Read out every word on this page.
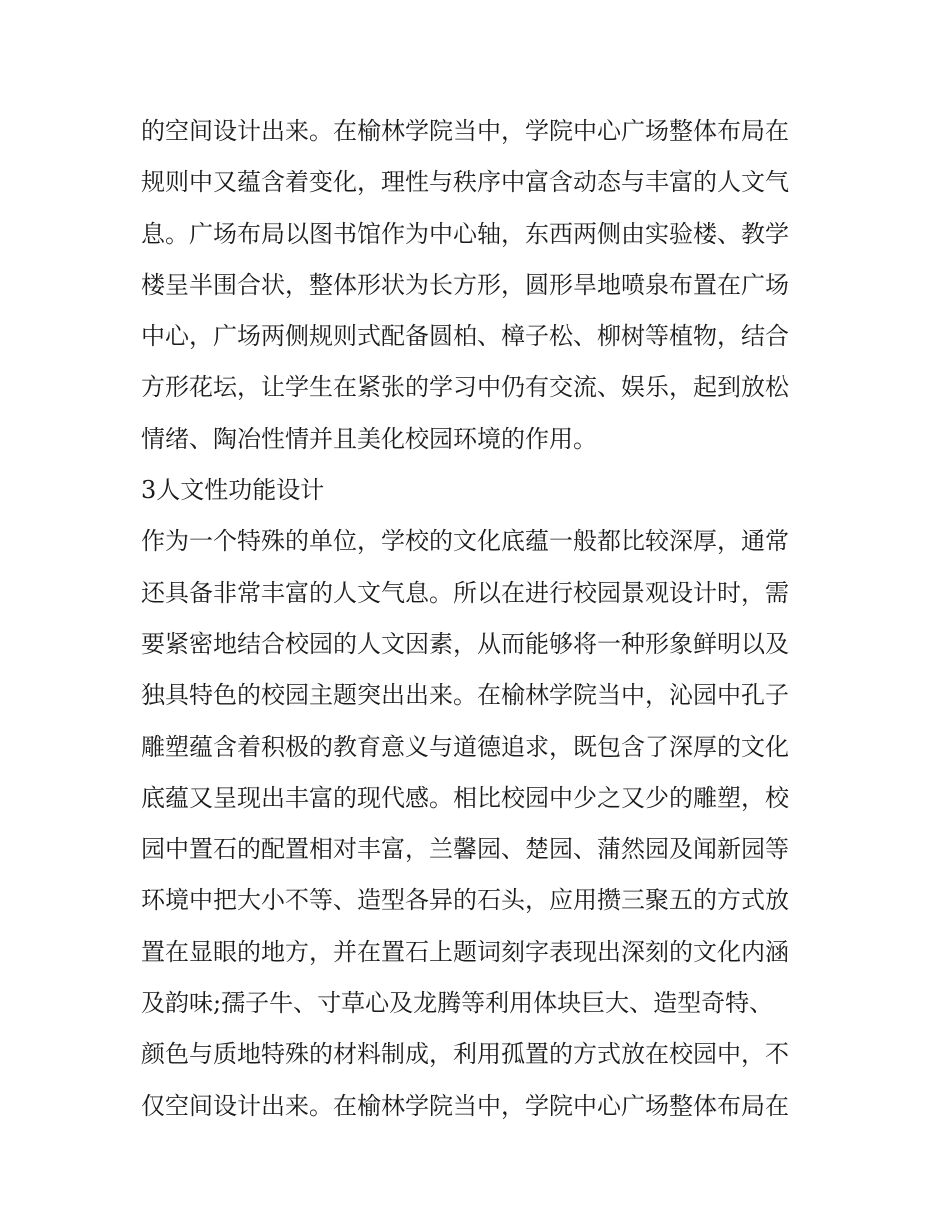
的空间设计出来。在榆林学院当中，学院中心广场整体布局在
规则中又蕴含着变化，理性与秩序中富含动态与丰富的人文气
息。广场布局以图书馆作为中心轴，东西两侧由实验楼、教学
楼呈半围合状，整体形状为长方形，圆形旱地喷泉布置在广场
中心，广场两侧规则式配备圆柏、樟子松、柳树等植物，结合
方形花坛，让学生在紧张的学习中仍有交流、娱乐，起到放松
情绪、陶冶性情并且美化校园环境的作用。
3人文性功能设计
作为一个特殊的单位，学校的文化底蕴一般都比较深厚，通常
还具备非常丰富的人文气息。所以在进行校园景观设计时，需
要紧密地结合校园的人文因素，从而能够将一种形象鲜明以及
独具特色的校园主题突出出来。在榆林学院当中，沁园中孔子
雕塑蕴含着积极的教育意义与道德追求，既包含了深厚的文化
底蕴又呈现出丰富的现代感。相比校园中少之又少的雕塑，校
园中置石的配置相对丰富，兰馨园、楚园、蒲然园及闻新园等
环境中把大小不等、造型各异的石头，应用攒三聚五的方式放
置在显眼的地方，并在置石上题词刻字表现出深刻的文化内涵
及韵味;孺子牛、寸草心及龙腾等利用体块巨大、造型奇特、
颜色与质地特殊的材料制成，利用孤置的方式放在校园中，不
仅空间设计出来。在榆林学院当中，学院中心广场整体布局在
